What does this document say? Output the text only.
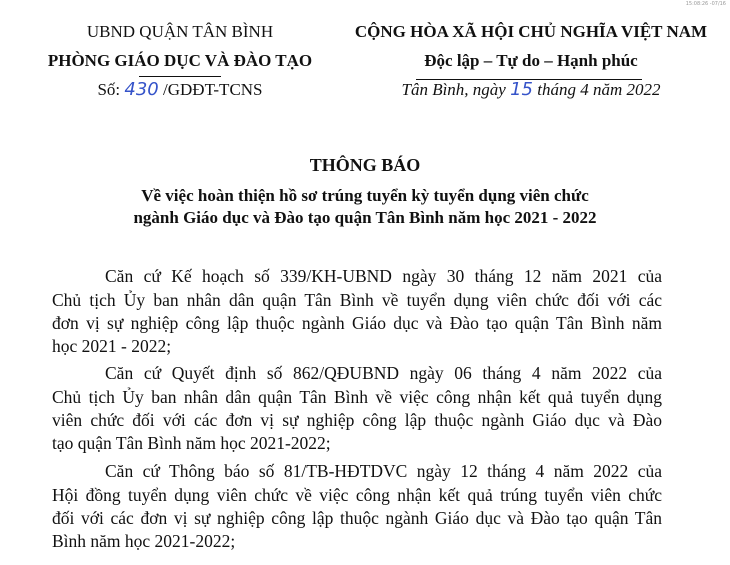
15:08:26 -07/16
UBND QUẬN TÂN BÌNH
PHÒNG GIÁO DỤC VÀ ĐÀO TẠO
Số: 430 /GDĐT-TCNS
CỘNG HÒA XÃ HỘI CHỦ NGHĨA VIỆT NAM
Độc lập – Tự do – Hạnh phúc
Tân Bình, ngày 15 tháng 4 năm 2022
THÔNG BÁO
Về việc hoàn thiện hồ sơ trúng tuyển kỳ tuyển dụng viên chức
ngành Giáo dục và Đào tạo quận Tân Bình năm học 2021 - 2022
Căn cứ Kế hoạch số 339/KH-UBND ngày 30 tháng 12 năm 2021 của
Chủ tịch Ủy ban nhân dân quận Tân Bình về tuyển dụng viên chức đối với các
đơn vị sự nghiệp công lập thuộc ngành Giáo dục và Đào tạo quận Tân Bình năm
học 2021 - 2022;
Căn cứ Quyết định số 862/QĐUBND ngày 06 tháng 4 năm 2022 của
Chủ tịch Ủy ban nhân dân quận Tân Bình về việc công nhận kết quả tuyển dụng
viên chức đối với các đơn vị sự nghiệp công lập thuộc ngành Giáo dục và Đào
tạo quận Tân Bình năm học 2021-2022;
Căn cứ Thông báo số 81/TB-HĐTDVC ngày 12 tháng 4 năm 2022 của
Hội đồng tuyển dụng viên chức về việc công nhận kết quả trúng tuyển viên chức
đối với các đơn vị sự nghiệp công lập thuộc ngành Giáo dục và Đào tạo quận Tân
Bình năm học 2021-2022;
